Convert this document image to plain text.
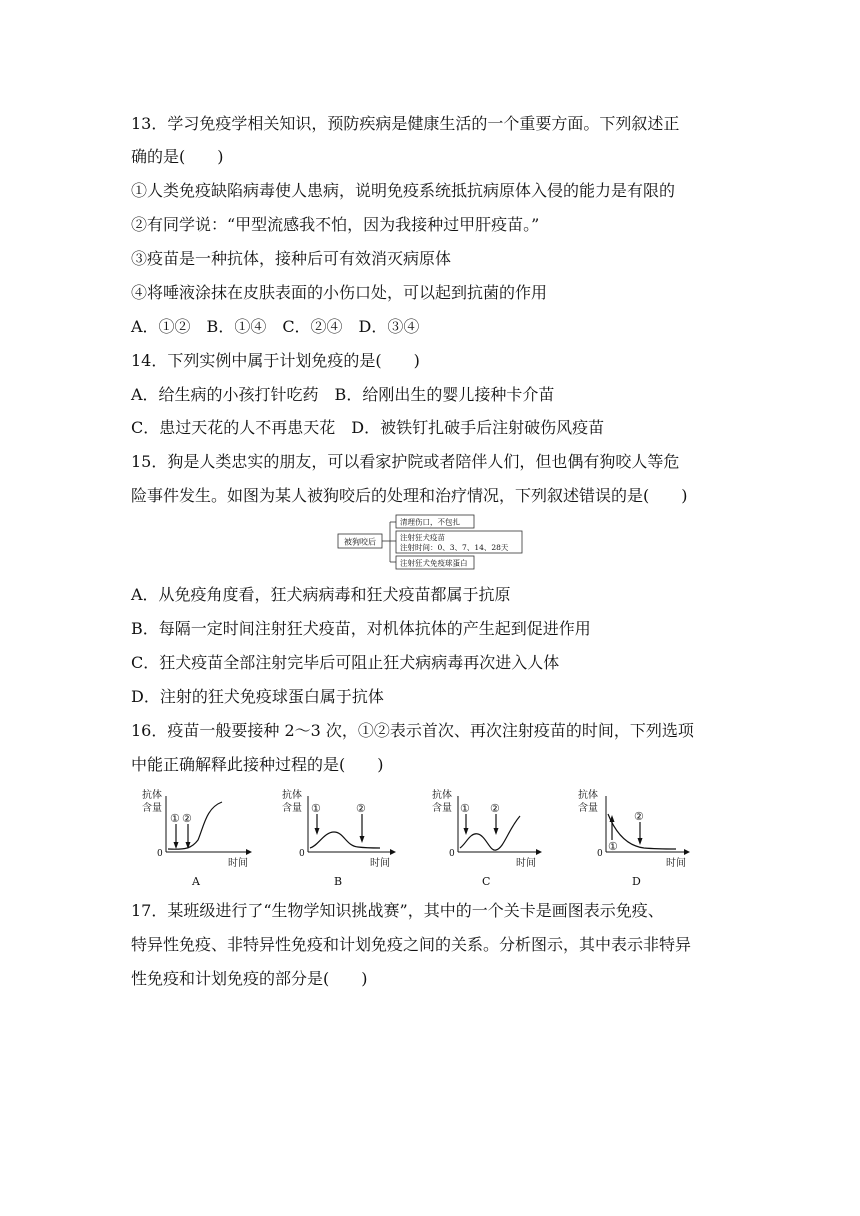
13．学习免疫学相关知识，预防疾病是健康生活的一个重要方面。下列叙述正
确的是(　　)
①人类免疫缺陷病毒使人患病，说明免疫系统抵抗病原体入侵的能力是有限的
②有同学说：“甲型流感我不怕，因为我接种过甲肝疫苗。”
③疫苗是一种抗体，接种后可有效消灭病原体
④将唾液涂抹在皮肤表面的小伤口处，可以起到抗菌的作用
A．①②　B．①④　C．②④　D．③④
14．下列实例中属于计划免疫的是(　　)
A．给生病的小孩打针吃药　B．给刚出生的婴儿接种卡介苗
C．患过天花的人不再患天花　D．被铁钉扎破手后注射破伤风疫苗
15．狗是人类忠实的朋友，可以看家护院或者陪伴人们，但也偶有狗咬人等危
险事件发生。如图为某人被狗咬后的处理和治疗情况，下列叙述错误的是(　　)
被狗咬后
清理伤口，不包扎
注射狂犬疫苗
注射时间：0、3、7、14、28天
注射狂犬免疫球蛋白
A．从免疫角度看，狂犬病病毒和狂犬疫苗都属于抗原
B．每隔一定时间注射狂犬疫苗，对机体抗体的产生起到促进作用
C．狂犬疫苗全部注射完毕后可阻止狂犬病病毒再次进入人体
D．注射的狂犬免疫球蛋白属于抗体
16．疫苗一般要接种 2～3 次，①②表示首次、再次注射疫苗的时间，下列选项
中能正确解释此接种过程的是(　　)
抗体
含量
0
时间
① ②
A
抗体
含量
0
时间
①	②
B
抗体
含量
0
时间
① ②
C
抗体
含量
0
时间
①
②
D
17．某班级进行了“生物学知识挑战赛”，其中的一个关卡是画图表示免疫、
特异性免疫、非特异性免疫和计划免疫之间的关系。分析图示，其中表示非特异
性免疫和计划免疫的部分是(　　)
